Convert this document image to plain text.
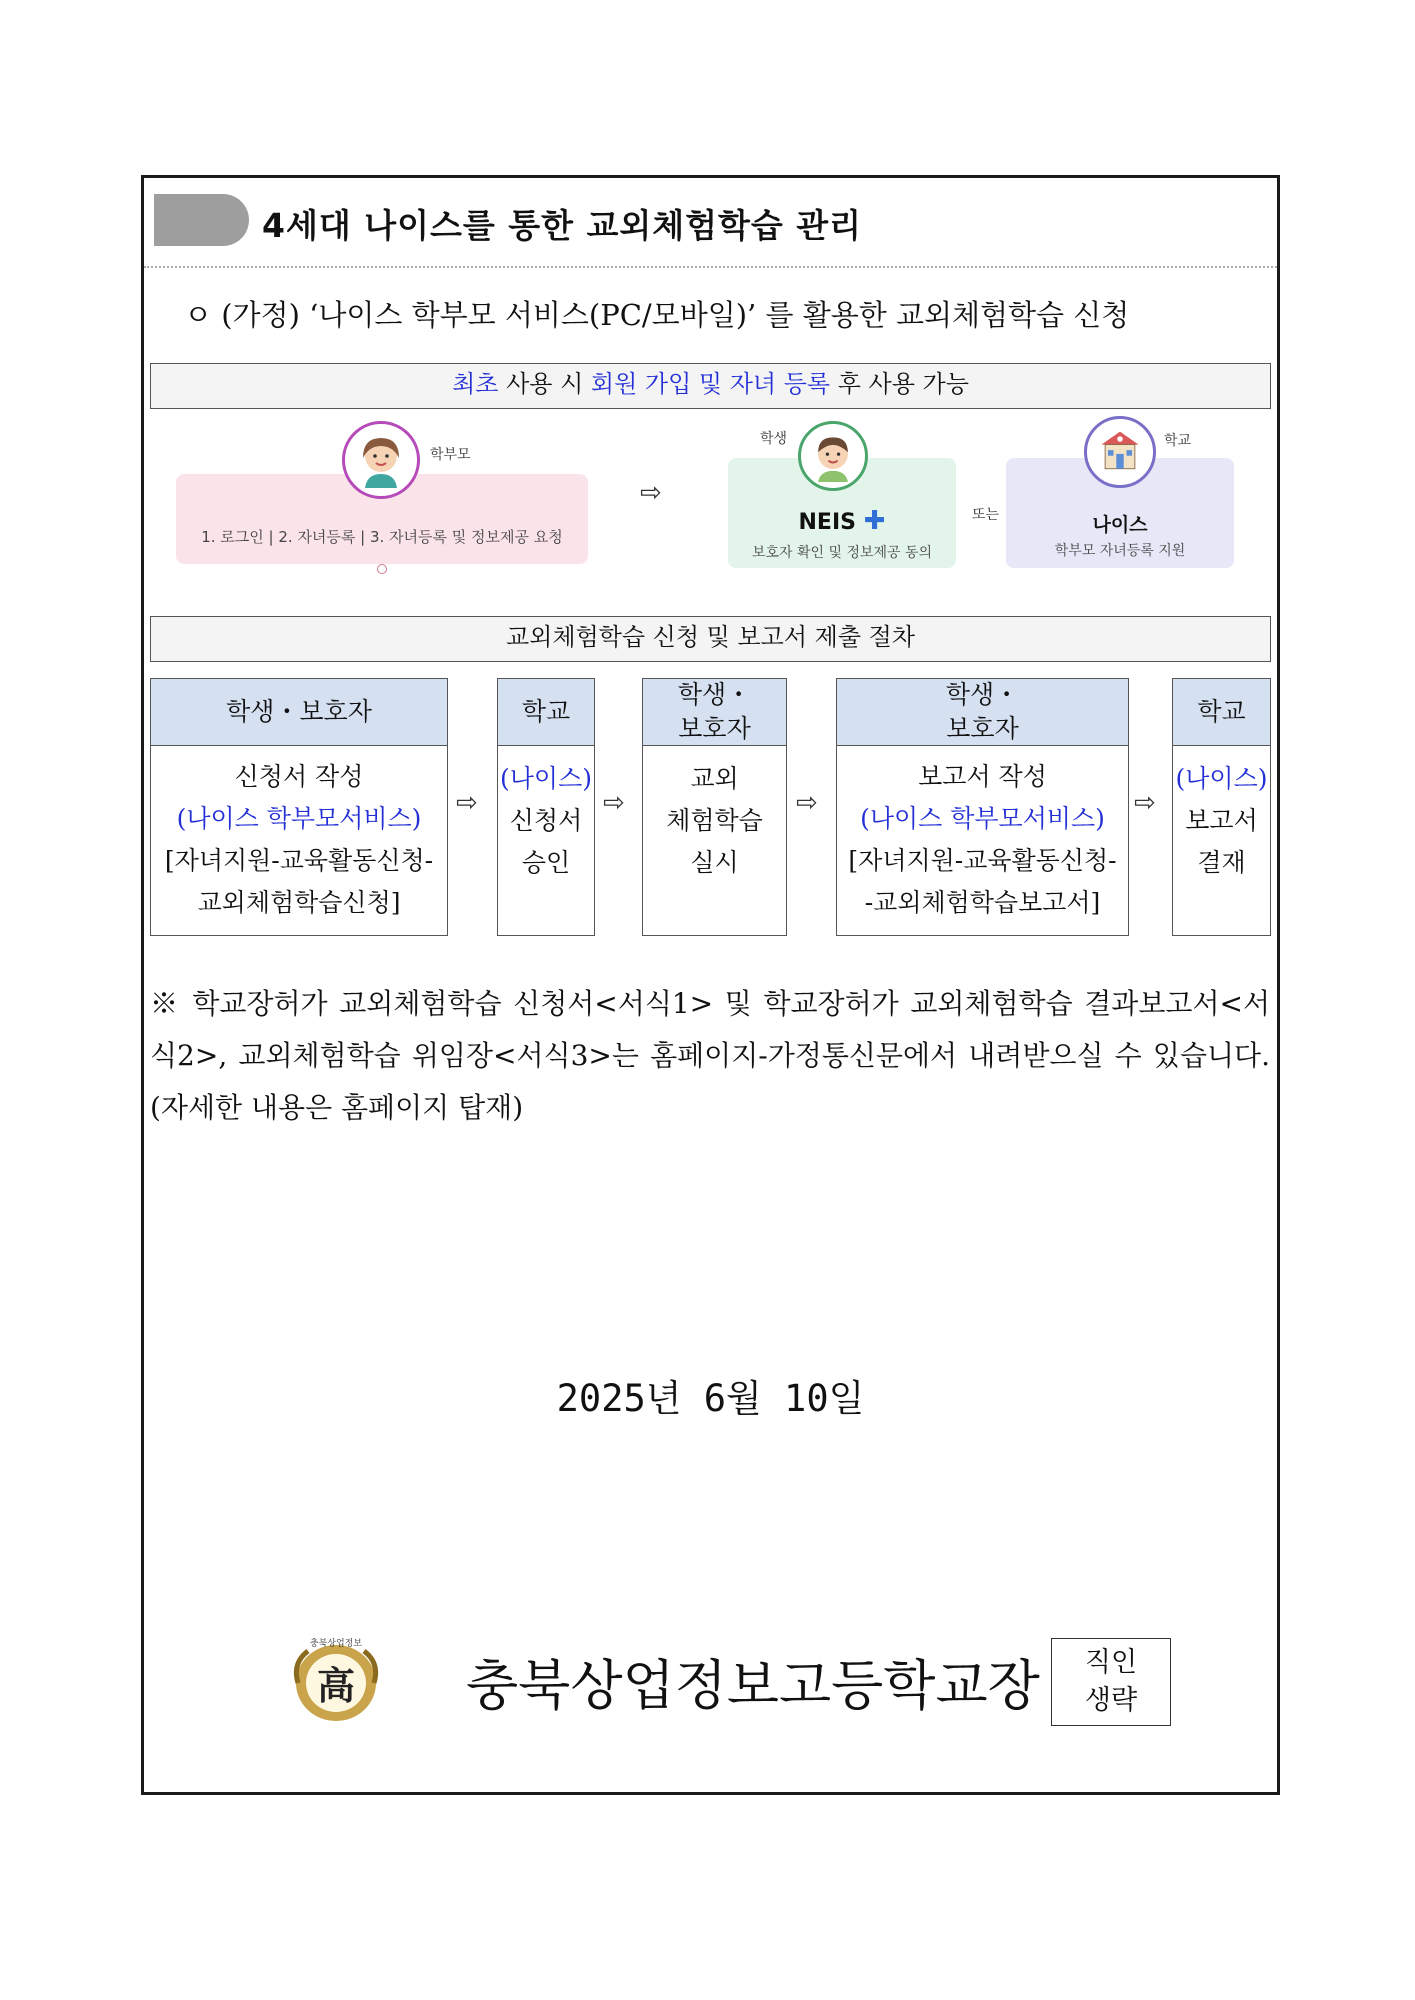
4세대 나이스를 통한 교외체험학습 관리
ㅇ (가정) ‘나이스 학부모 서비스(PC/모바일)’ 를 활용한 교외체험학습 신청
최초 사용 시 회원 가입 및 자녀 등록 후 사용 가능
1. 로그인 | 2. 자녀등록 | 3. 자녀등록 및 정보제공 요청
학부모
⇨
NEIS ✚
보호자 확인 및 정보제공 동의
학생
또는	나이스
학부모 자녀등록 지원
학교
교외체험학습 신청 및 보고서 제출 절차
학생・보호자
신청서 작성
(나이스 학부모서비스)
[자녀지원-교육활동신청-
교외체험학습신청]
⇨
학교
(나이스)
신청서
승인
⇨
학생・
보호자
교외
체험학습
실시
⇨
학생・
보호자
보고서 작성
(나이스 학부모서비스)
[자녀지원-교육활동신청-
-교외체험학습보고서]
⇨
학교
(나이스)
보고서
결재
※ 학교장허가 교외체험학습 신청서<서식1> 및 학교장허가 교외체험학습 결과보고서<서식2>, 교외체험학습 위임장<서식3>는 홈페이지-가정통신문에서 내려받으실 수 있습니다. (자세한 내용은 홈페이지 탑재)
2025년 6월 10일
충북상업정보
高 충북상업정보고등학교장	직인
생략
